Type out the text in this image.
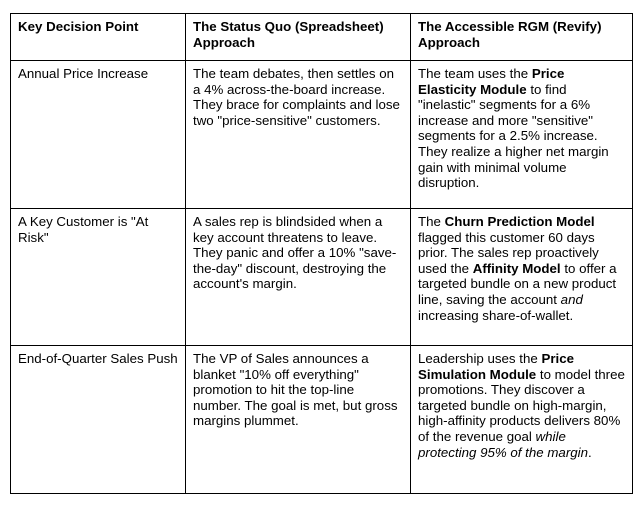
Key Decision Point	The Status Quo (Spreadsheet) Approach	The Accessible RGM (Revify) Approach
Annual Price Increase	The team debates, then settles on a 4% across-the-board increase. They brace for complaints and lose two "price-sensitive" customers.	The team uses the Price Elasticity Module to find "inelastic" segments for a 6% increase and more "sensitive" segments for a 2.5% increase. They realize a higher net margin gain with minimal volume disruption.
A Key Customer is "At Risk"	A sales rep is blindsided when a key account threatens to leave. They panic and offer a 10% "save-the-day" discount, destroying the account's margin.	The Churn Prediction Model flagged this customer 60 days prior. The sales rep proactively used the Affinity Model to offer a targeted bundle on a new product line, saving the account and increasing share-of-wallet.
End-of-Quarter Sales Push	The VP of Sales announces a blanket "10% off everything" promotion to hit the top-line number. The goal is met, but gross margins plummet.	Leadership uses the Price Simulation Module to model three promotions. They discover a targeted bundle on high-margin, high-affinity products delivers 80% of the revenue goal while protecting 95% of the margin.
